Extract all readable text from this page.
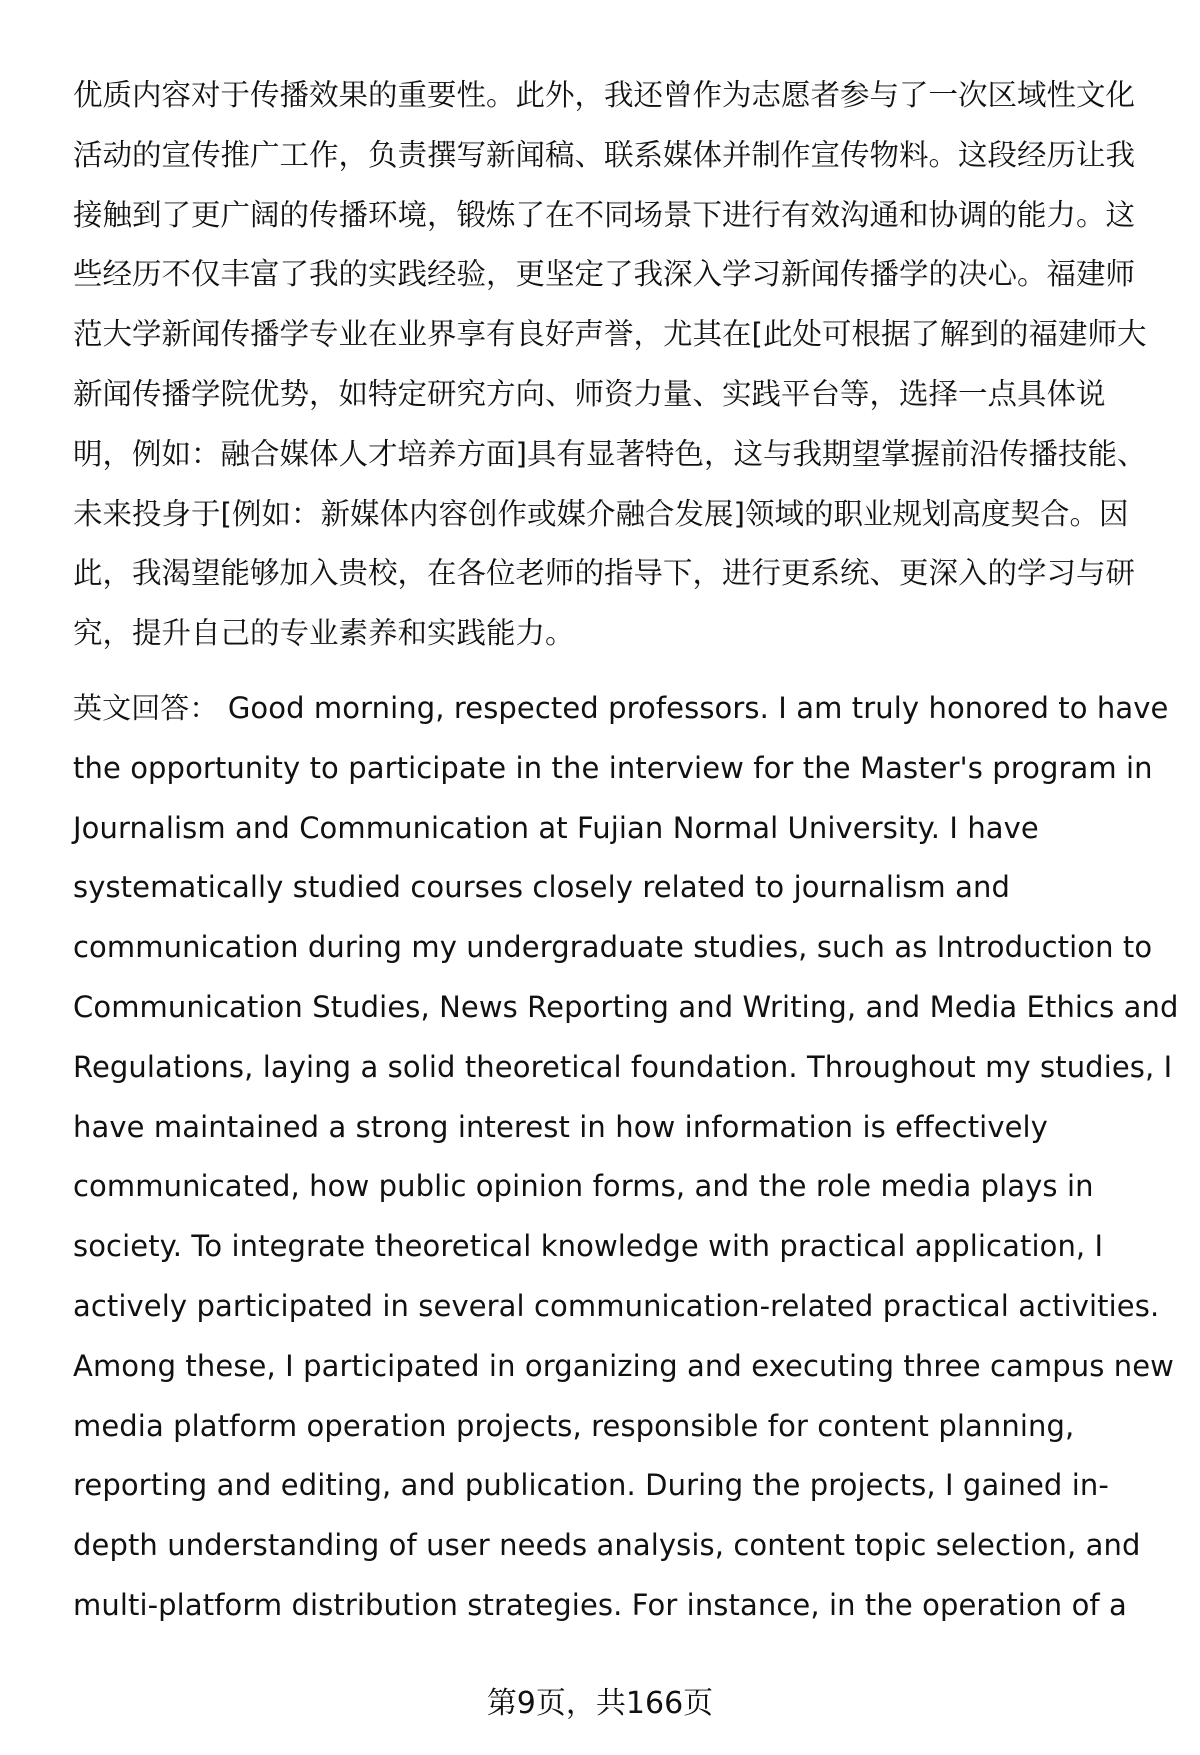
优质内容对于传播效果的重要性。此外，我还曾作为志愿者参与了一次区域性文化
活动的宣传推广工作，负责撰写新闻稿、联系媒体并制作宣传物料。这段经历让我
接触到了更广阔的传播环境，锻炼了在不同场景下进行有效沟通和协调的能力。这
些经历不仅丰富了我的实践经验，更坚定了我深入学习新闻传播学的决心。福建师
范大学新闻传播学专业在业界享有良好声誉，尤其在[此处可根据了解到的福建师大
新闻传播学院优势，如特定研究方向、师资力量、实践平台等，选择一点具体说
明，例如：融合媒体人才培养方面]具有显著特色，这与我期望掌握前沿传播技能、
未来投身于[例如：新媒体内容创作或媒介融合发展]领域的职业规划高度契合。因
此，我渴望能够加入贵校，在各位老师的指导下，进行更系统、更深入的学习与研
究，提升自己的专业素养和实践能力。
英文回答： Good morning, respected professors. I am truly honored to have
the opportunity to participate in the interview for the Master's program in
Journalism and Communication at Fujian Normal University. I have
systematically studied courses closely related to journalism and
communication during my undergraduate studies, such as Introduction to
Communication Studies, News Reporting and Writing, and Media Ethics and
Regulations, laying a solid theoretical foundation. Throughout my studies, I
have maintained a strong interest in how information is effectively
communicated, how public opinion forms, and the role media plays in
society. To integrate theoretical knowledge with practical application, I
actively participated in several communication-related practical activities.
Among these, I participated in organizing and executing three campus new
media platform operation projects, responsible for content planning,
reporting and editing, and publication. During the projects, I gained in-
depth understanding of user needs analysis, content topic selection, and
multi-platform distribution strategies. For instance, in the operation of a
第9页，共166页
